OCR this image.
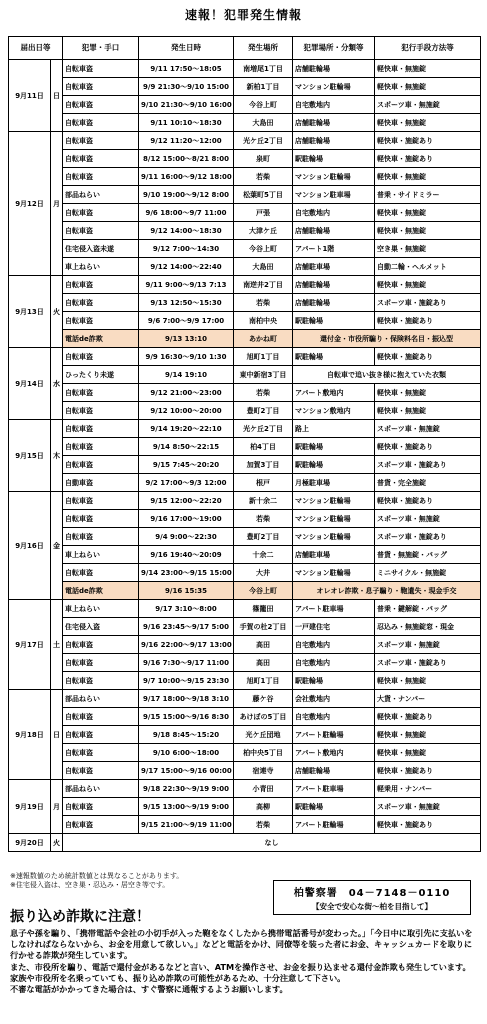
速報！犯罪発生情報
届出日等		犯罪・手口	発生日時	発生場所	犯罪場所・分類等	犯行手段方法等
9月11日	日	自転車盗	9/11 17:50～18:05	南増尾1丁目	店舗駐輪場	軽快車・無施錠
		自転車盗	9/9 21:30～9/10 15:00	新柏1丁目	マンション駐輪場	軽快車・無施錠
		自転車盗	9/10 21:30～9/10 16:00	今谷上町	自宅敷地内	スポーツ車・無施錠
		自転車盗	9/11 10:10～18:30	大島田	店舗駐輪場	軽快車・無施錠
9月12日	月	自転車盗	9/12 11:20～12:00	光ケ丘2丁目	店舗駐輪場	軽快車・施錠あり
		自転車盗	8/12 15:00～8/21 8:00	泉町	駅駐輪場	軽快車・施錠あり
		自転車盗	9/11 16:00～9/12 18:00	若柴	マンション駐輪場	軽快車・無施錠
		部品ねらい	9/10 19:00～9/12 8:00	松葉町5丁目	マンション駐車場	普乗・サイドミラー
		自転車盗	9/6 18:00～9/7 11:00	戸張	自宅敷地内	軽快車・無施錠
		自転車盗	9/12 14:00～18:30	大津ケ丘	店舗駐輪場	軽快車・無施錠
		住宅侵入盗未遂	9/12 7:00～14:30	今谷上町	アパート1階	空き巣・無施錠
		車上ねらい	9/12 14:00～22:40	大島田	店舗駐車場	自動二輪・ヘルメット
9月13日	火	自転車盗	9/11 9:00～9/13 7:13	南逆井2丁目	店舗駐輪場	軽快車・無施錠
		自転車盗	9/13 12:50～15:30	若柴	店舗駐輪場	スポーツ車・施錠あり
		自転車盗	9/6 7:00～9/9 17:00	南柏中央	駅駐輪場	軽快車・施錠あり
		電話de詐欺	9/13 13:10	あかね町	還付金・市役所騙り・保険料名目・振込型	
9月14日	水	自転車盗	9/9 16:30～9/10 1:30	旭町1丁目	駅駐輪場	軽快車・施錠あり
		ひったくり未遂	9/14 19:10	東中新宿3丁目	自転車で追い抜き様に抱えていた衣類	
		自転車盗	9/12 21:00～23:00	若柴	アパート敷地内	軽快車・無施錠
		自転車盗	9/12 10:00～20:00	豊町2丁目	マンション敷地内	軽快車・無施錠
9月15日	木	自転車盗	9/14 19:20～22:10	光ケ丘2丁目	路上	スポーツ車・無施錠
		自転車盗	9/14 8:50～22:15	柏4丁目	駅駐輪場	軽快車・施錠あり
		自転車盗	9/15 7:45～20:20	加賀3丁目	駅駐輪場	スポーツ車・施錠あり
		自動車盗	9/2 17:00～9/3 12:00	根戸	月極駐車場	普貨・完全施錠
9月16日	金	自転車盗	9/15 12:00～22:20	新十余二	マンション駐輪場	軽快車・施錠あり
		自転車盗	9/16 17:00～19:00	若柴	マンション駐輪場	スポーツ車・無施錠
		自転車盗	9/4 9:00～22:30	豊町2丁目	マンション駐輪場	スポーツ車・施錠あり
		車上ねらい	9/16 19:40～20:09	十余二	店舗駐車場	普貨・無施錠・バッグ
		自転車盗	9/14 23:00～9/15 15:00	大井	マンション駐輪場	ミニサイクル・無施錠
		電話de詐欺	9/16 15:35	今谷上町	オレオレ詐欺・息子騙り・鞄遺失・現金手交	
9月17日	土	車上ねらい	9/17 3:10～8:00	篠籠田	アパート駐車場	普乗・鍵解錠・バッグ
		住宅侵入盗	9/16 23:45～9/17 5:00	手賀の杜2丁目	一戸建住宅	忍込み・無施錠窓・現金
		自転車盗	9/16 22:00～9/17 13:00	高田	自宅敷地内	スポーツ車・無施錠
		自転車盗	9/16 7:30～9/17 11:00	高田	自宅敷地内	スポーツ車・施錠あり
		自転車盗	9/7 10:00～9/15 23:30	旭町1丁目	駅駐輪場	軽快車・無施錠
9月18日	日	部品ねらい	9/17 18:00～9/18 3:10	藤ケ谷	会社敷地内	大貨・ナンバー
		自転車盗	9/15 15:00～9/16 8:30	あけぼの5丁目	自宅敷地内	軽快車・施錠あり
		自転車盗	9/18 8:45～15:20	光ケ丘団地	アパート駐輪場	軽快車・無施錠
		自転車盗	9/10 6:00～18:00	柏中央5丁目	アパート敷地内	軽快車・無施錠
		自転車盗	9/17 15:00～9/16 00:00	宿連寺	店舗駐輪場	軽快車・施錠あり
9月19日	月	部品ねらい	9/18 22:30～9/19 9:00	小青田	アパート駐車場	軽乗用・ナンバー
		自転車盗	9/15 13:00～9/19 9:00	高柳	駅駐輪場	スポーツ車・無施錠
		自転車盗	9/15 21:00～9/19 11:00	若柴	アパート駐輪場	軽快車・施錠あり
9月20日	火	なし				
※速報数値のため統計数値とは異なることがあります。
※住宅侵入盗は、空き巣・忍込み・居空き等です。
柏警察署　04－7148－0110
【安全で安心な街～柏を目指して】
振り込め詐欺に注意！

息子や孫を騙り、「携帯電話や会社の小切手が入った鞄をなくしたから携帯電話番号が変わった。」「今日中に取引先に支払いをしなければならないから、お金を用意して欲しい。」などと電話をかけ、同僚等を装った者にお金、キャッシュカードを取りに行かせる詐欺が発生しています。

また、市役所を騙り、電話で還付金があるなどと言い、ATMを操作させ、お金を振り込ませる還付金詐欺も発生しています。

家族や市役所を名乗っていても、振り込め詐欺の可能性があるため、十分注意して下さい。

不審な電話がかかってきた場合は、すぐ警察に通報するようお願いします。
